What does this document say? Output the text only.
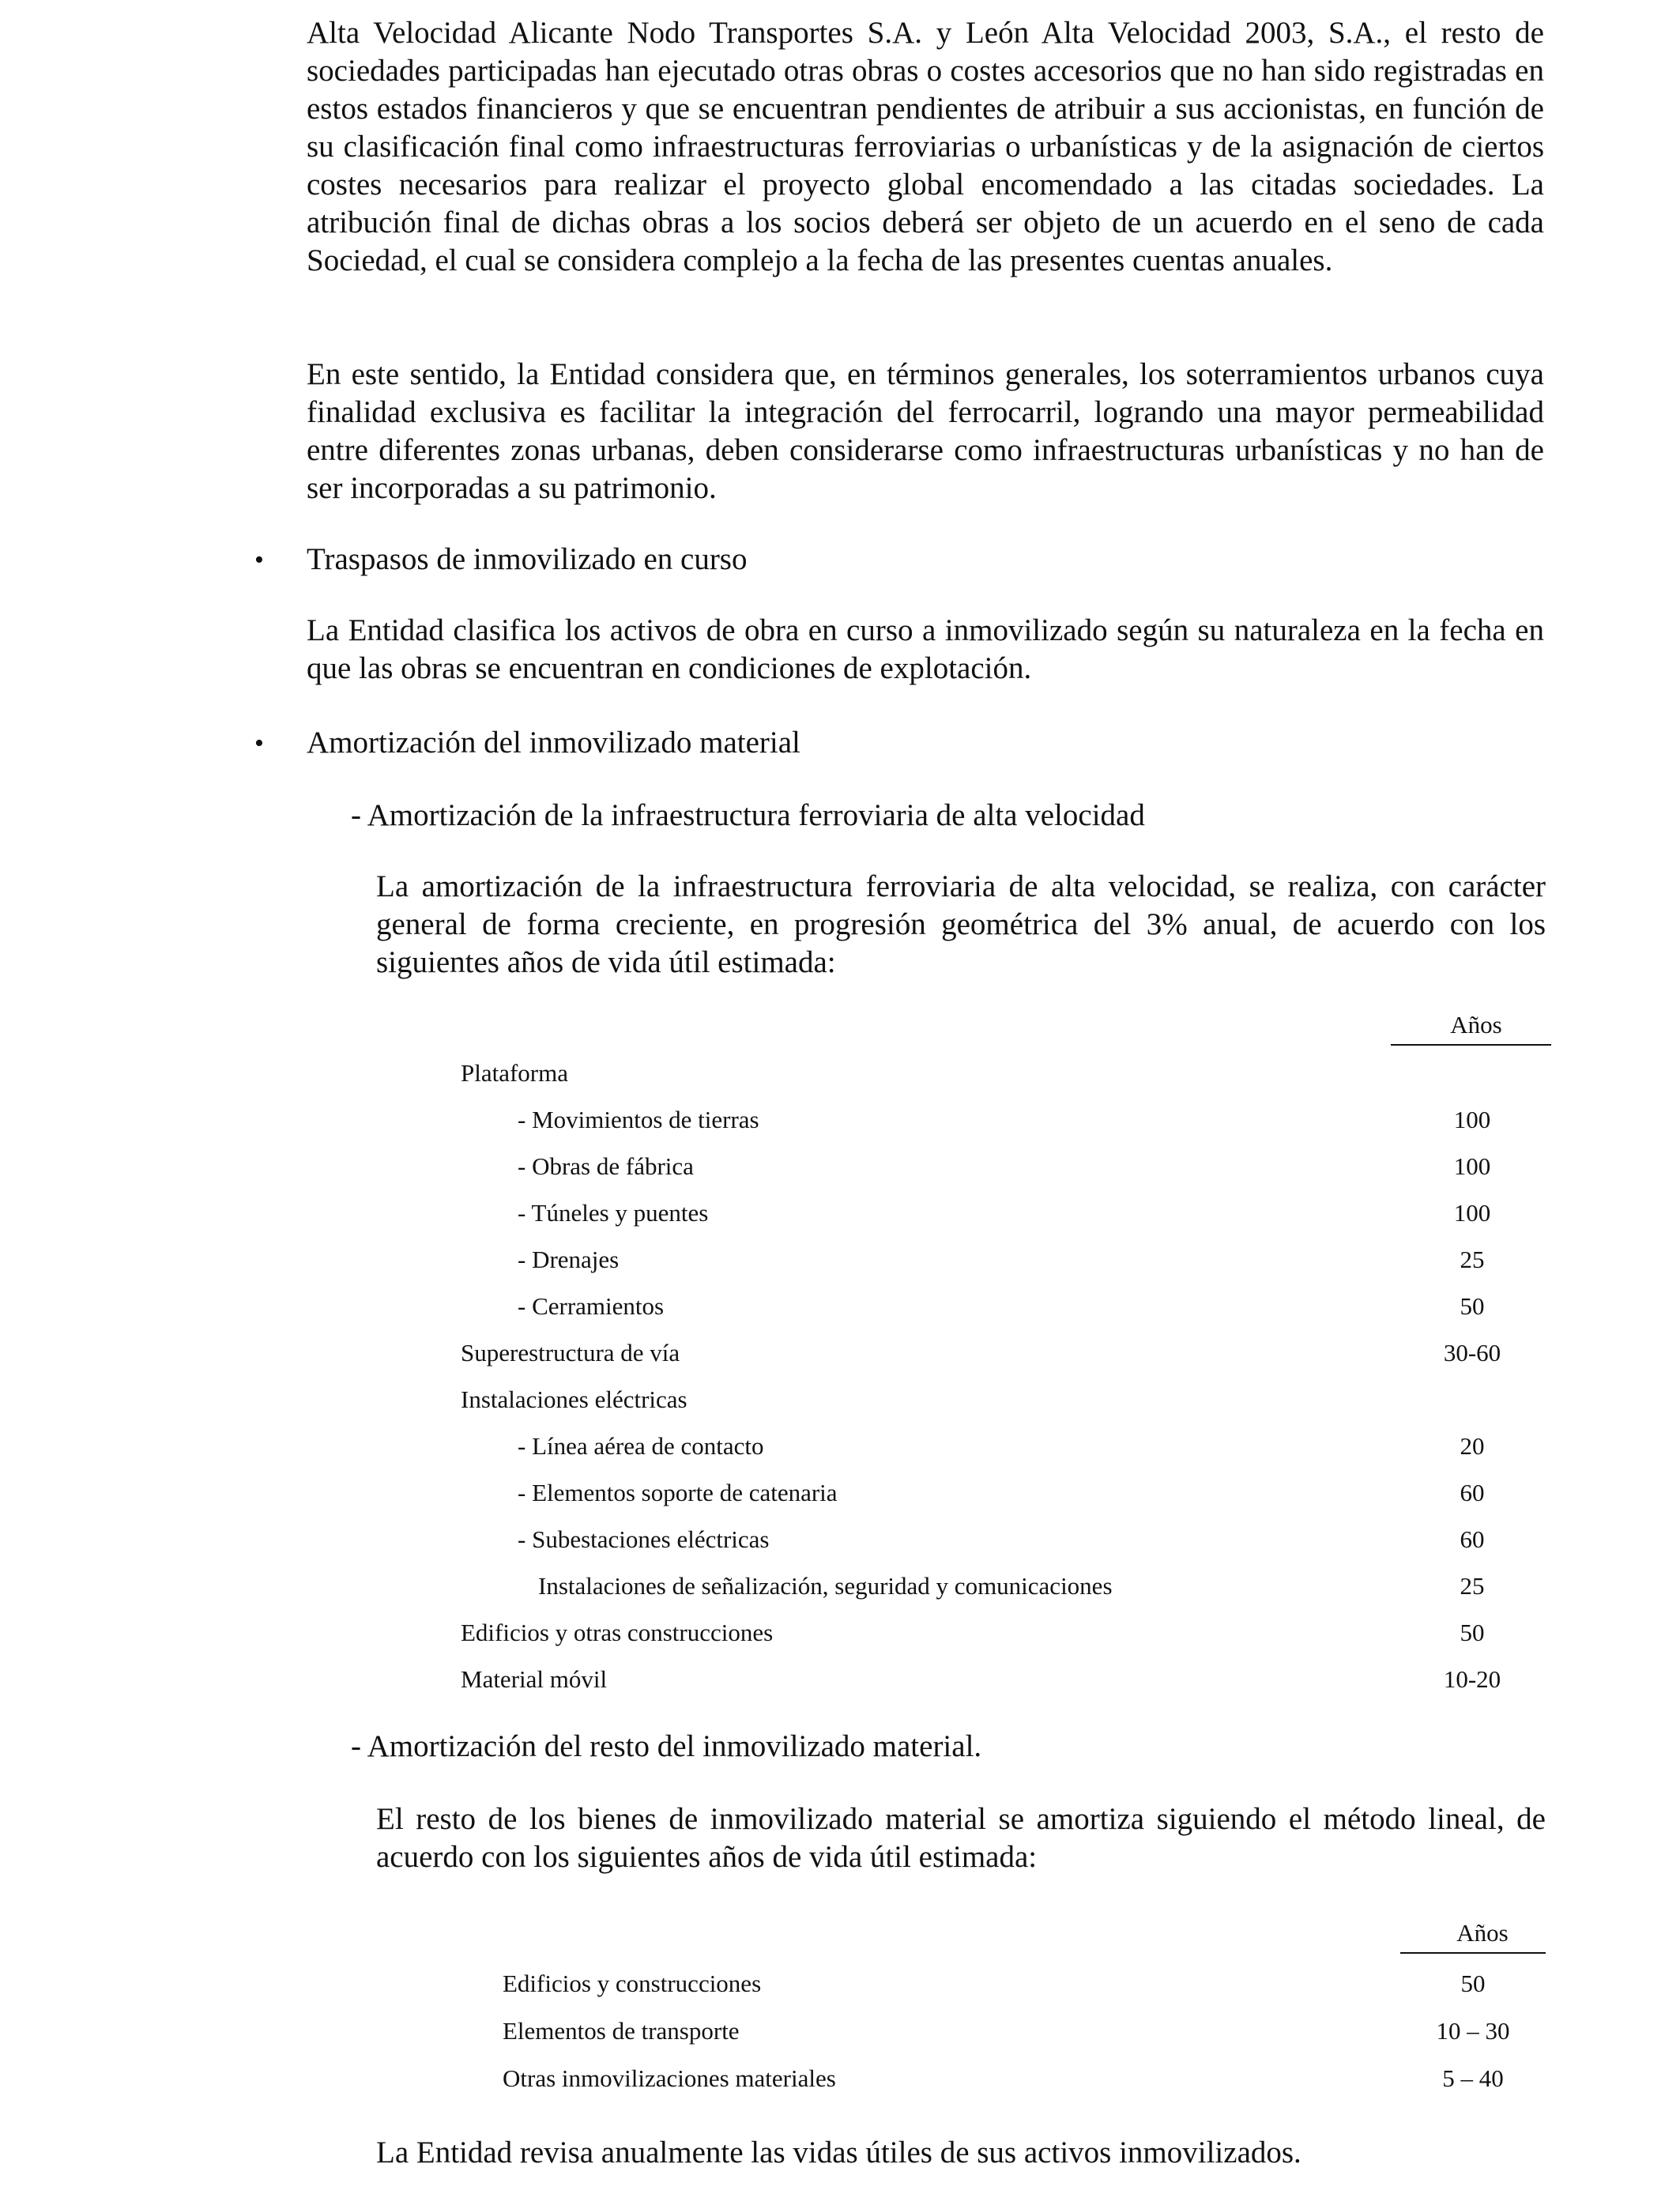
Alta Velocidad Alicante Nodo Transportes S.A. y León Alta Velocidad 2003, S.A., el resto de sociedades participadas han ejecutado otras obras o costes accesorios que no han sido registradas en estos estados financieros y que se encuentran pendientes de atribuir a sus accionistas, en función de su clasificación final como infraestructuras ferroviarias o urbanísticas y de la asignación de ciertos costes necesarios para realizar el proyecto global encomendado a las citadas sociedades. La atribución final de dichas obras a los socios deberá ser objeto de un acuerdo en el seno de cada Sociedad, el cual se considera complejo a la fecha de las presentes cuentas anuales.

En este sentido, la Entidad considera que, en términos generales, los soterramientos urbanos cuya finalidad exclusiva es facilitar la integración del ferrocarril, logrando una mayor permeabilidad entre diferentes zonas urbanas, deben considerarse como infraestructuras urbanísticas y no han de ser incorporadas a su patrimonio.

• Traspasos de inmovilizado en curso

La Entidad clasifica los activos de obra en curso a inmovilizado según su naturaleza en la fecha en que las obras se encuentran en condiciones de explotación.

• Amortización del inmovilizado material

- Amortización de la infraestructura ferroviaria de alta velocidad

La amortización de la infraestructura ferroviaria de alta velocidad, se realiza, con carácter general de forma creciente, en progresión geométrica del 3% anual, de acuerdo con los siguientes años de vida útil estimada:

Años
Plataforma
- Movimientos de tierras	100
- Obras de fábrica	100
- Túneles y puentes	100
- Drenajes	25
- Cerramientos	50
Superestructura de vía	30-60
Instalaciones eléctricas
- Línea aérea de contacto	20
- Elementos soporte de catenaria	60
- Subestaciones eléctricas	60
Instalaciones de señalización, seguridad y comunicaciones	25
Edificios y otras construcciones	50
Material móvil	10-20

- Amortización del resto del inmovilizado material.

El resto de los bienes de inmovilizado material se amortiza siguiendo el método lineal, de acuerdo con los siguientes años de vida útil estimada:

Años
Edificios y construcciones	50
Elementos de transporte	10 – 30
Otras inmovilizaciones materiales	5 – 40

La Entidad revisa anualmente las vidas útiles de sus activos inmovilizados.
